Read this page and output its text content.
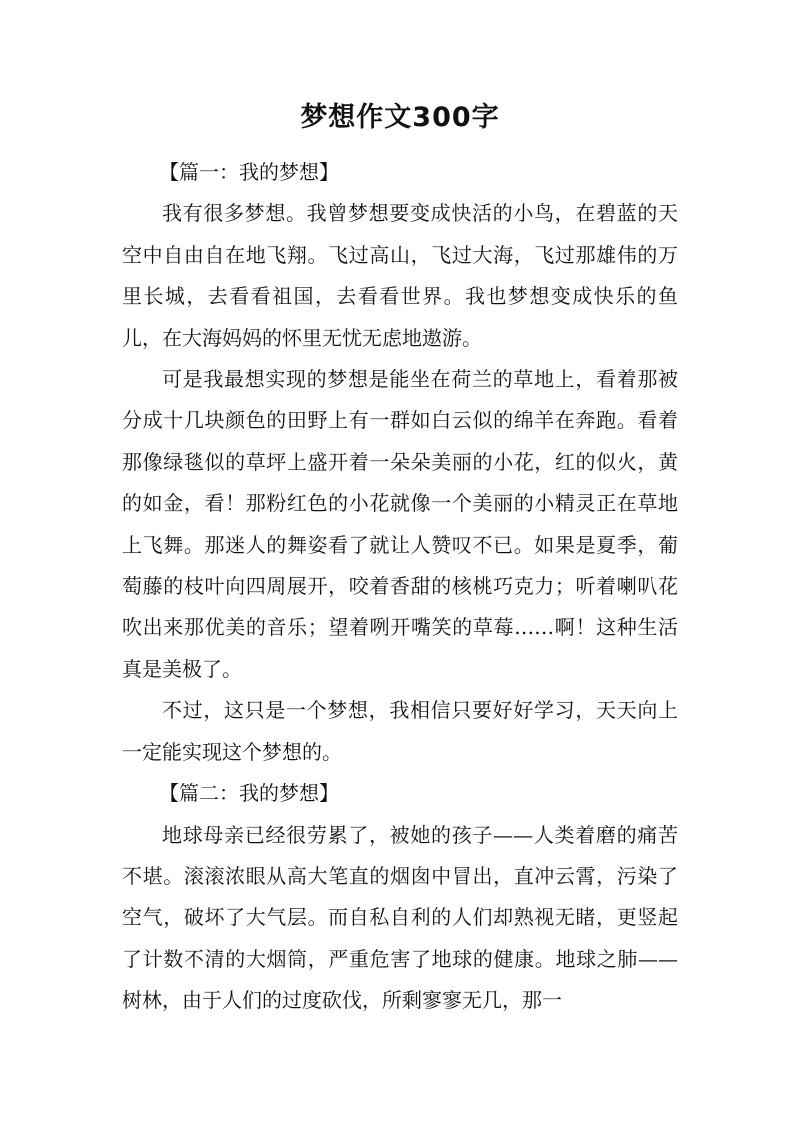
梦想作文300字

【篇一：我的梦想】

我有很多梦想。我曾梦想要变成快活的小鸟，在碧蓝的天空中自由自在地飞翔。飞过高山，飞过大海，飞过那雄伟的万里长城，去看看祖国，去看看世界。我也梦想变成快乐的鱼儿，在大海妈妈的怀里无忧无虑地遨游。

可是我最想实现的梦想是能坐在荷兰的草地上，看着那被分成十几块颜色的田野上有一群如白云似的绵羊在奔跑。看着那像绿毯似的草坪上盛开着一朵朵美丽的小花，红的似火，黄的如金，看！那粉红色的小花就像一个美丽的小精灵正在草地上飞舞。那迷人的舞姿看了就让人赞叹不已。如果是夏季，葡萄藤的枝叶向四周展开，咬着香甜的核桃巧克力；听着喇叭花吹出来那优美的音乐；望着咧开嘴笑的草莓……啊！这种生活真是美极了。

不过，这只是一个梦想，我相信只要好好学习，天天向上一定能实现这个梦想的。

【篇二：我的梦想】

地球母亲已经很劳累了，被她的孩子——人类着磨的痛苦不堪。滚滚浓眼从高大笔直的烟囱中冒出，直冲云霄，污染了空气，破坏了大气层。而自私自利的人们却熟视无睹，更竖起了计数不清的大烟筒，严重危害了地球的健康。地球之肺——树林，由于人们的过度砍伐，所剩寥寥无几，那一
